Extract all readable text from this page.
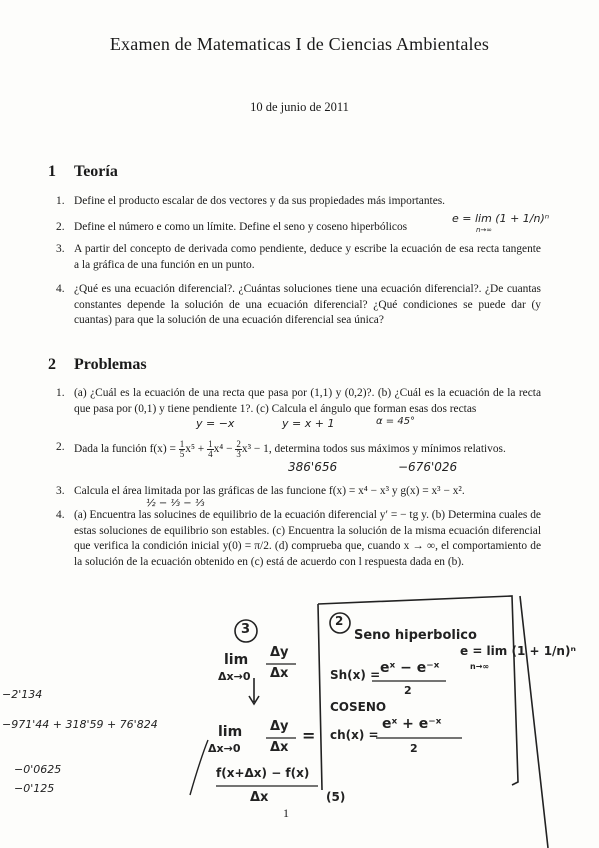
Examen de Matematicas I de Ciencias Ambientales
10 de junio de 2011
1 Teoría
1. Define el producto escalar de dos vectores y da sus propiedades más importantes.
2. Define el número e como un límite. Define el seno y coseno hiperbólicos
3. A partir del concepto de derivada como pendiente, deduce y escribe la ecuación de esa recta tangente a la gráfica de una función en un punto.
4. ¿Qué es una ecuación diferencial?. ¿Cuántas soluciones tiene una ecuación diferencial?. ¿De cuantas constantes depende la solución de una ecuación diferencial? ¿Qué condiciones se puede dar (y cuantas) para que la solución de una ecuación diferencial sea única?
2 Problemas
1. (a) ¿Cuál es la ecuación de una recta que pasa por (1,1) y (0,2)?. (b) ¿Cuál es la ecuación de la recta que pasa por (0,1) y tiene pendiente 1?. (c) Calcula el ángulo que forman esas dos rectas
2. Dada la función $f(x) = \frac{1}{5} x^5 + \frac{1}{4} x^4 - \frac{2}{3} x^3 - 1$, determina todos sus máximos y mínimos relativos.
3. Calcula el área limitada por las gráficas de las funcione f(x) = x⁴ − x³ y g(x) = x³ − x².
4. (a) Encuentra las solucines de equilibrio de la ecuación diferencial y′ = − tg y. (b) Determina cuales de estas soluciones de equilibrio son estables. (c) Encuentra la solución de la misma ecuación diferencial que verifica la condición inicial y(0) = π/2. (d) comprueba que, cuando x → ∞, el comportamiento de la solución de la ecuación obtenido en (c) está de acuerdo con l respuesta dada en (b).
e = lim (1 + 1/n)ⁿ
n→∞
y = −x	y = x + 1	α = 45°
386'656	−676'026
½ − ⅓ − ⅓
3
2
lim Δy
Δx
Δx→0
lim Δy
Δx
Δx→0
=
f(x+Δx) − f(x)
Δx	(5)
Seno hiperbolico
Sh(x) = eˣ − e⁻ˣ
2
COSENO
ch(x) =
eˣ + e⁻ˣ
2
e = lim (1 + 1/n)ⁿ
n→∞
−2'134
−971'44 + 318'59 + 76'824
−0'0625
−0'125
1
